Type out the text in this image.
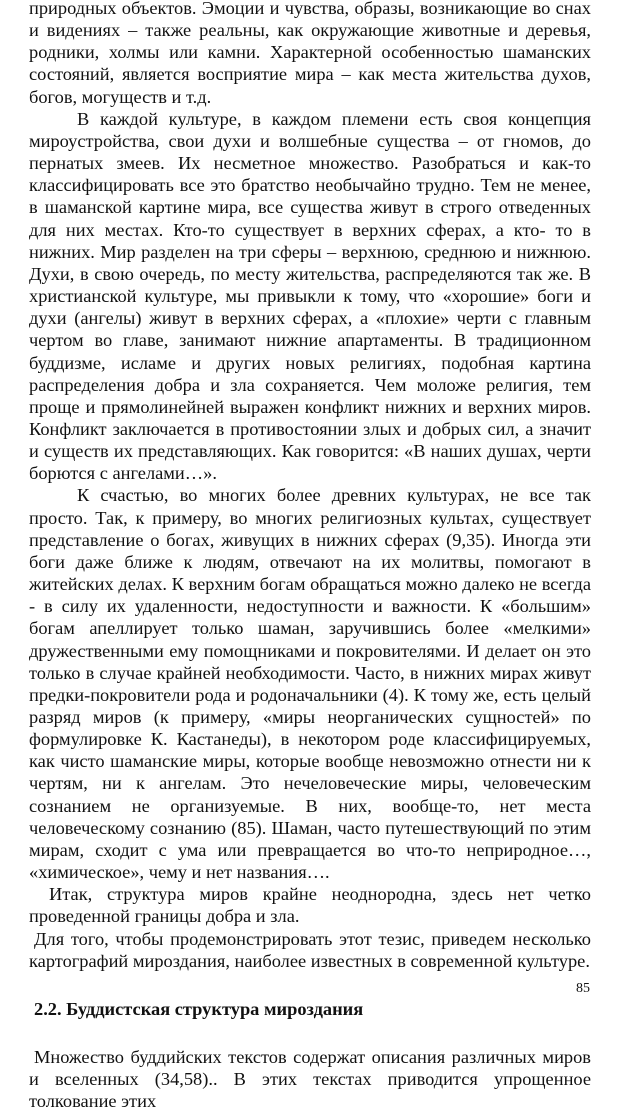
природных объектов. Эмоции и чувства, образы, возникающие во снах и видениях – также реальны, как окружающие животные и деревья, родники, холмы или камни. Характерной особенностью шаманских состояний, является восприятие мира – как места жительства духов, богов, могуществ и т.д.

В каждой культуре, в каждом племени есть своя концепция мироустройства, свои духи и волшебные существа – от гномов, до пернатых змеев. Их несметное множество. Разобраться и как-то классифицировать все это братство необычайно трудно. Тем не менее, в шаманской картине мира, все существа живут в строго отведенных для них местах. Кто-то существует в верхних сферах, а кто- то в нижних. Мир разделен на три сферы – верхнюю, среднюю и нижнюю. Духи, в свою очередь, по месту жительства, распределяются так же. В христианской культуре, мы привыкли к тому, что «хорошие» боги и духи (ангелы) живут в верхних сферах, а «плохие» черти с главным чертом во главе, занимают нижние апартаменты. В традиционном буддизме, исламе и других новых религиях, подобная картина распределения добра и зла сохраняется. Чем моложе религия, тем проще и прямолинейней выражен конфликт нижних и верхних миров. Конфликт заключается в противостоянии злых и добрых сил, а значит и существ их представляющих. Как говорится: «В наших душах, черти борются с ангелами…».

К счастью, во многих более древних культурах, не все так просто. Так, к примеру, во многих религиозных культах, существует представление о богах, живущих в нижних сферах (9,35). Иногда эти боги даже ближе к людям, отвечают на их молитвы, помогают в житейских делах. К верхним богам обращаться можно далеко не всегда - в силу их удаленности, недоступности и важности. К «большим» богам апеллирует только шаман, заручившись более «мелкими» дружественными ему помощниками и покровителями. И делает он это только в случае крайней необходимости. Часто, в нижних мирах живут предки-покровители рода и родоначальники (4). К тому же, есть целый разряд миров (к примеру, «миры неорганических сущностей» по формулировке К. Кастанеды), в некотором роде классифицируемых, как чисто шаманские миры, которые вообще невозможно отнести ни к чертям, ни к ангелам. Это нечеловеческие миры, человеческим сознанием не организуемые. В них, вообще-то, нет места человеческому сознанию (85). Шаман, часто путешествующий по этим мирам, сходит с ума или превращается во что-то неприродное…, «химическое», чему и нет названия….

Итак, структура миров крайне неоднородна, здесь нет четко проведенной границы добра и зла.

Для того, чтобы продемонстрировать этот тезис, приведем несколько картографий мироздания, наиболее известных в современной культуре.

2.2. Буддистская структура мироздания

Множество буддийских текстов содержат описания различных миров и вселенных (34,58).. В этих текстах приводится упрощенное толкование этих

85
